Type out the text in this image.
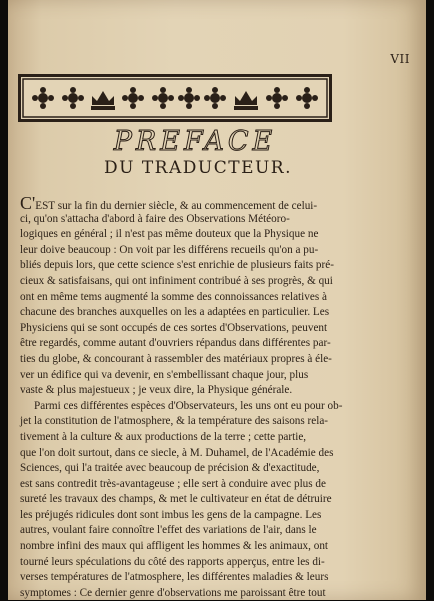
VII
PREFACE
DU TRADUCTEUR.
C'EST sur la fin du dernier siècle, & au commencement de celui-
ci, qu'on s'attacha d'abord à faire des Observations Météoro-
logiques en général ; il n'est pas même douteux que la Physique ne
leur doive beaucoup : On voit par les différens recueils qu'on a pu-
bliés depuis lors, que cette science s'est enrichie de plusieurs faits pré-
cieux & satisfaisans, qui ont infiniment contribué à ses progrès, & qui
ont en même tems augmenté la somme des connoissances relatives à
chacune des branches auxquelles on les a adaptées en particulier. Les
Physiciens qui se sont occupés de ces sortes d'Observations, peuvent
être regardés, comme autant d'ouvriers répandus dans différentes par-
ties du globe, & concourant à rassembler des matériaux propres à éle-
ver un édifice qui va devenir, en s'embellissant chaque jour, plus
vaste & plus majestueux ; je veux dire, la Physique générale.
Parmi ces différentes espèces d'Observateurs, les uns ont eu pour ob-
jet la constitution de l'atmosphere, & la température des saisons rela-
tivement à la culture & aux productions de la terre ; cette partie,
que l'on doit surtout, dans ce siecle, à M. Duhamel, de l'Académie des
Sciences, qui l'a traitée avec beaucoup de précision & d'exactitude,
est sans contredit très-avantageuse ; elle sert à conduire avec plus de
sureté les travaux des champs, & met le cultivateur en état de détruire
les préjugés ridicules dont sont imbus les gens de la campagne. Les
autres, voulant faire connoître l'effet des variations de l'air, dans le
nombre infini des maux qui affligent les hommes & les animaux, ont
tourné leurs spéculations du côté des rapports apperçus, entre les di-
verses températures de l'atmosphere, les différentes maladies & leurs
symptomes : Ce dernier genre d'observations me paroissant être tout
